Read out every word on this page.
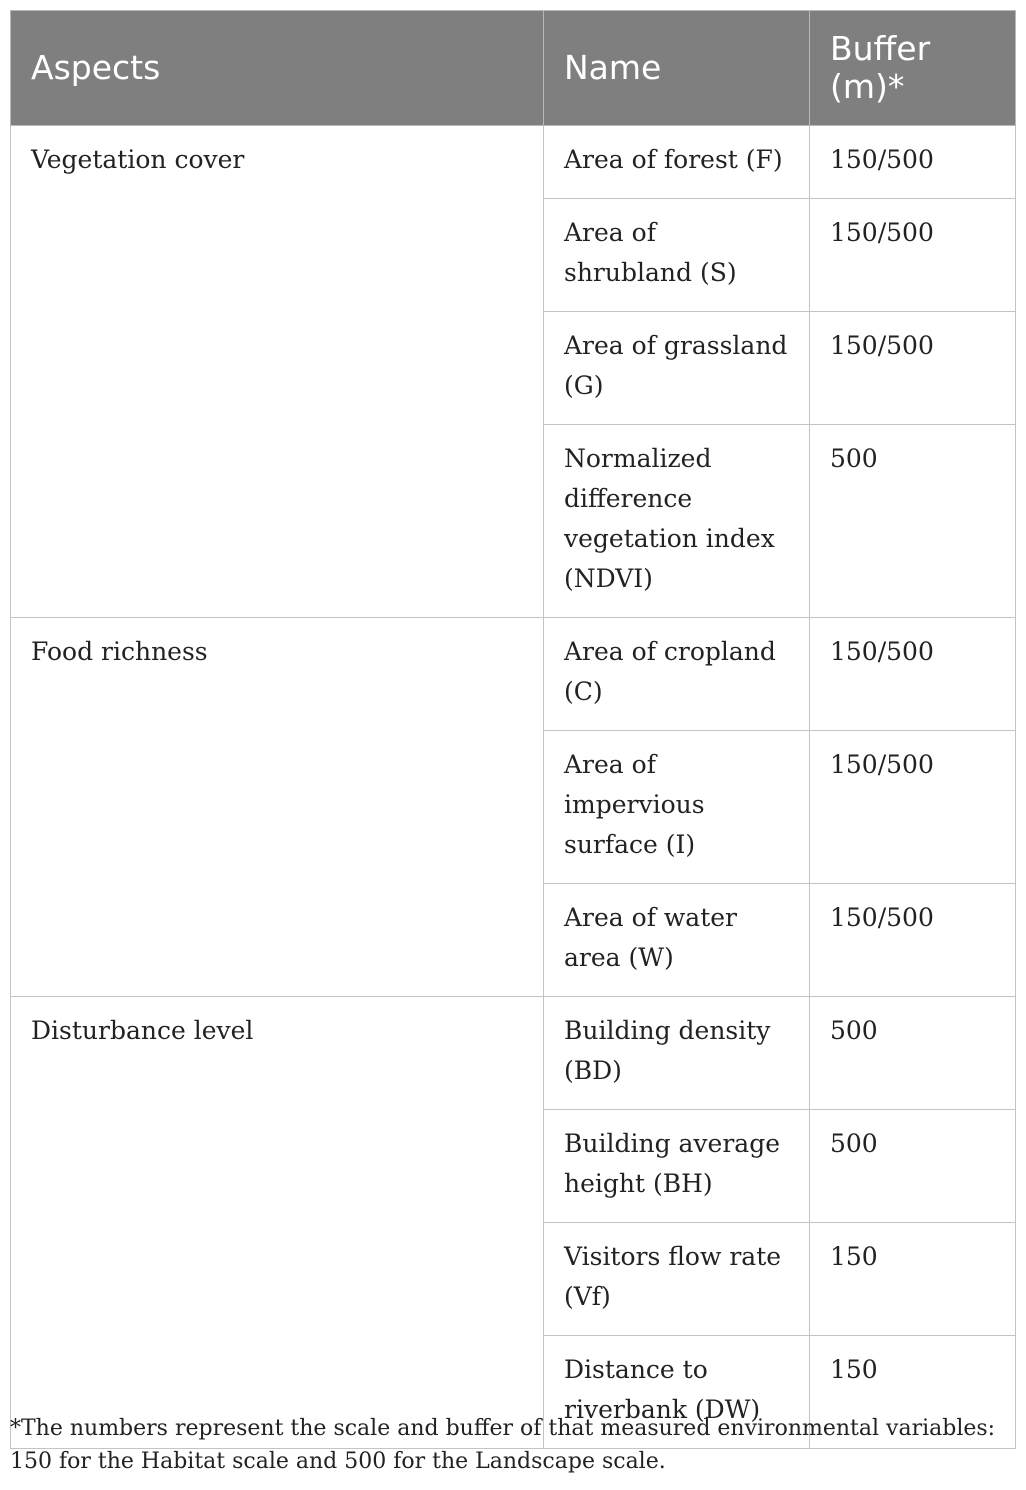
Aspects	Name	Buffer (m)*
Vegetation cover	Area of forest (F)	150/500
	Area of shrubland (S)	150/500
	Area of grassland (G)	150/500
	Normalized difference vegetation index (NDVI)	500
Food richness	Area of cropland (C)	150/500
	Area of impervious surface (I)	150/500
	Area of water area (W)	150/500
Disturbance level	Building density (BD)	500
	Building average height (BH)	500
	Visitors flow rate (Vf)	150
	Distance to riverbank (DW)	150

*The numbers represent the scale and buffer of that measured environmental variables: 150 for the Habitat scale and 500 for the Landscape scale.
